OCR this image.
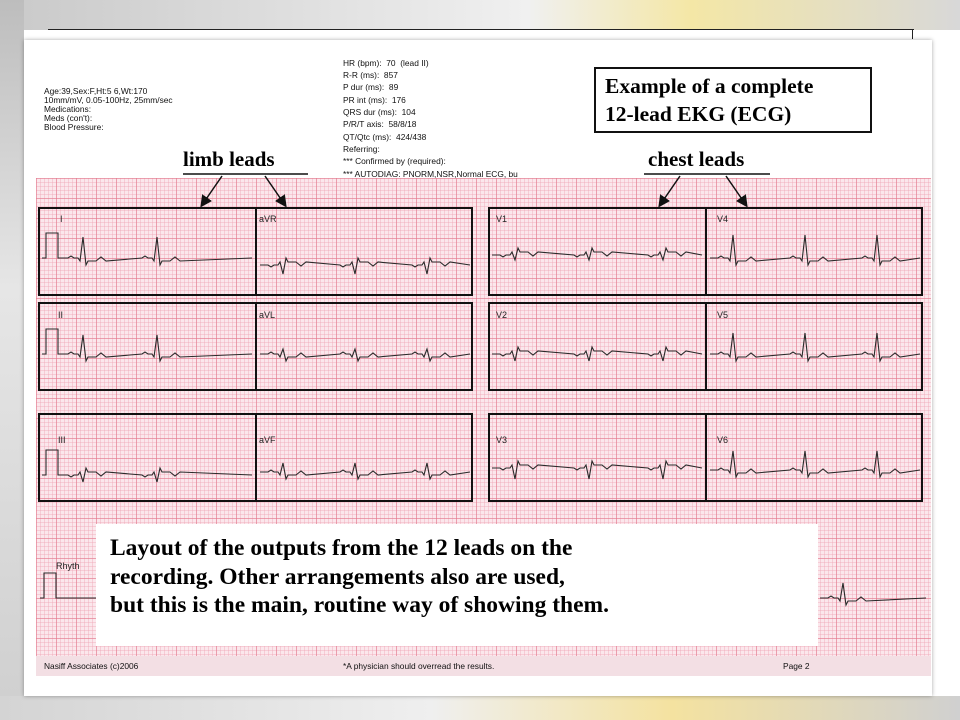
Age:39,Sex:F,Ht:5 6,Wt:170
10mm/mV, 0.05-100Hz, 25mm/sec
Medications:
Meds (con't):
Blood Pressure:
HR (bpm):  70  (lead II)
R-R (ms):  857
P dur (ms):  89
PR int (ms):  176
QRS dur (ms):  104
P/R/T axis:  58/8/18
QT/Qtc (ms):  424/438
Referring:
*** Confirmed by (required):
*** AUTODIAG: PNORM,NSR,Normal ECG, bu
Example of a complete
12-lead EKG (ECG)
limb leads	chest leads
I	aVR	V1	V4
II	aVL	V2	V5
III	aVF	V3	V6
Rhyth
Layout of the outputs from the 12 leads on the
recording. Other arrangements also are used,
but this is the main, routine way of showing them.
Nasiff Associates (c)2006	*A physician should overread the results.	Page 2
